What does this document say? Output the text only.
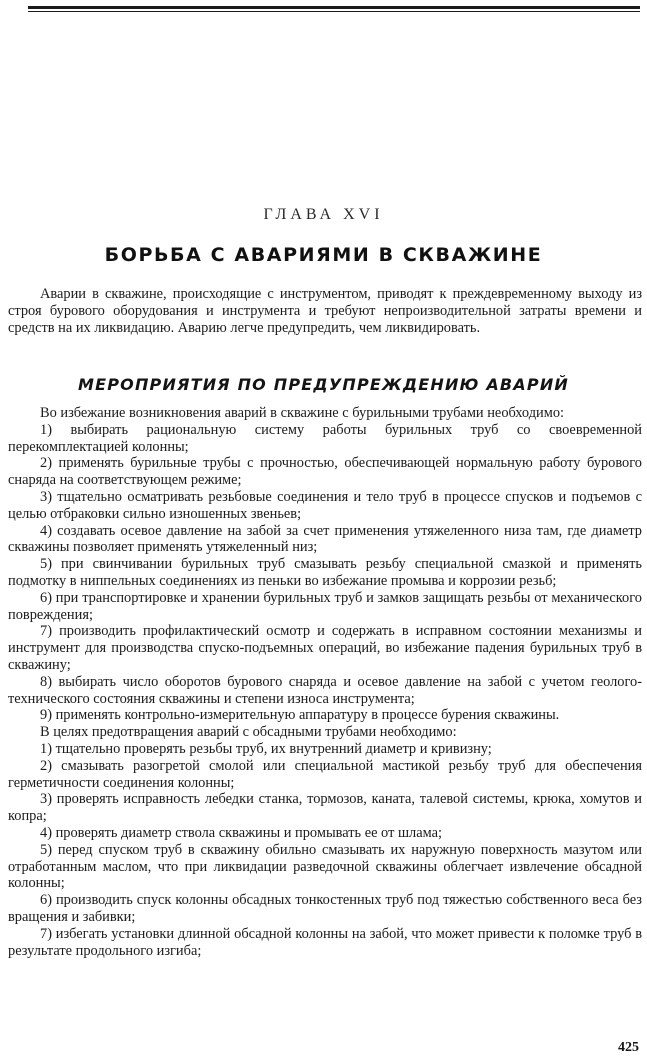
ГЛАВА XVI
БОРЬБА С АВАРИЯМИ В СКВАЖИНЕ

Аварии в скважине, происходящие с инструментом, приводят к преждевременному выходу из строя бурового оборудования и инструмента и требуют непроизводительной затраты времени и средств на их ликвидацию. Аварию легче предупредить, чем ликвидировать.

МЕРОПРИЯТИЯ ПО ПРЕДУПРЕЖДЕНИЮ АВАРИЙ

Во избежание возникновения аварий в скважине с бурильными трубами необходимо:

1) выбирать рациональную систему работы бурильных труб со своевременной перекомплектацией колонны;

2) применять бурильные трубы с прочностью, обеспечивающей нормальную работу бурового снаряда на соответствующем режиме;

3) тщательно осматривать резьбовые соединения и тело труб в процессе спусков и подъемов с целью отбраковки сильно изношенных звеньев;

4) создавать осевое давление на забой за счет применения утяжеленного низа там, где диаметр скважины позволяет применять утяжеленный низ;

5) при свинчивании бурильных труб смазывать резьбу специальной смазкой и применять подмотку в ниппельных соединениях из пеньки во избежание промыва и коррозии резьб;

6) при транспортировке и хранении бурильных труб и замков защищать резьбы от механического повреждения;

7) производить профилактический осмотр и содержать в исправном состоянии механизмы и инструмент для производства спуско-подъемных операций, во избежание падения бурильных труб в скважину;

8) выбирать число оборотов бурового снаряда и осевое давление на забой с учетом геолого-технического состояния скважины и степени износа инструмента;

9) применять контрольно-измерительную аппаратуру в процессе бурения скважины.

В целях предотвращения аварий с обсадными трубами необходимо:

1) тщательно проверять резьбы труб, их внутренний диаметр и кривизну;

2) смазывать разогретой смолой или специальной мастикой резьбу труб для обеспечения герметичности соединения колонны;

3) проверять исправность лебедки станка, тормозов, каната, талевой системы, крюка, хомутов и копра;

4) проверять диаметр ствола скважины и промывать ее от шлама;

5) перед спуском труб в скважину обильно смазывать их наружную поверхность мазутом или отработанным маслом, что при ликвидации разведочной скважины облегчает извлечение обсадной колонны;

6) производить спуск колонны обсадных тонкостенных труб под тяжестью собственного веса без вращения и забивки;

7) избегать установки длинной обсадной колонны на забой, что может привести к поломке труб в результате продольного изгиба;

425
